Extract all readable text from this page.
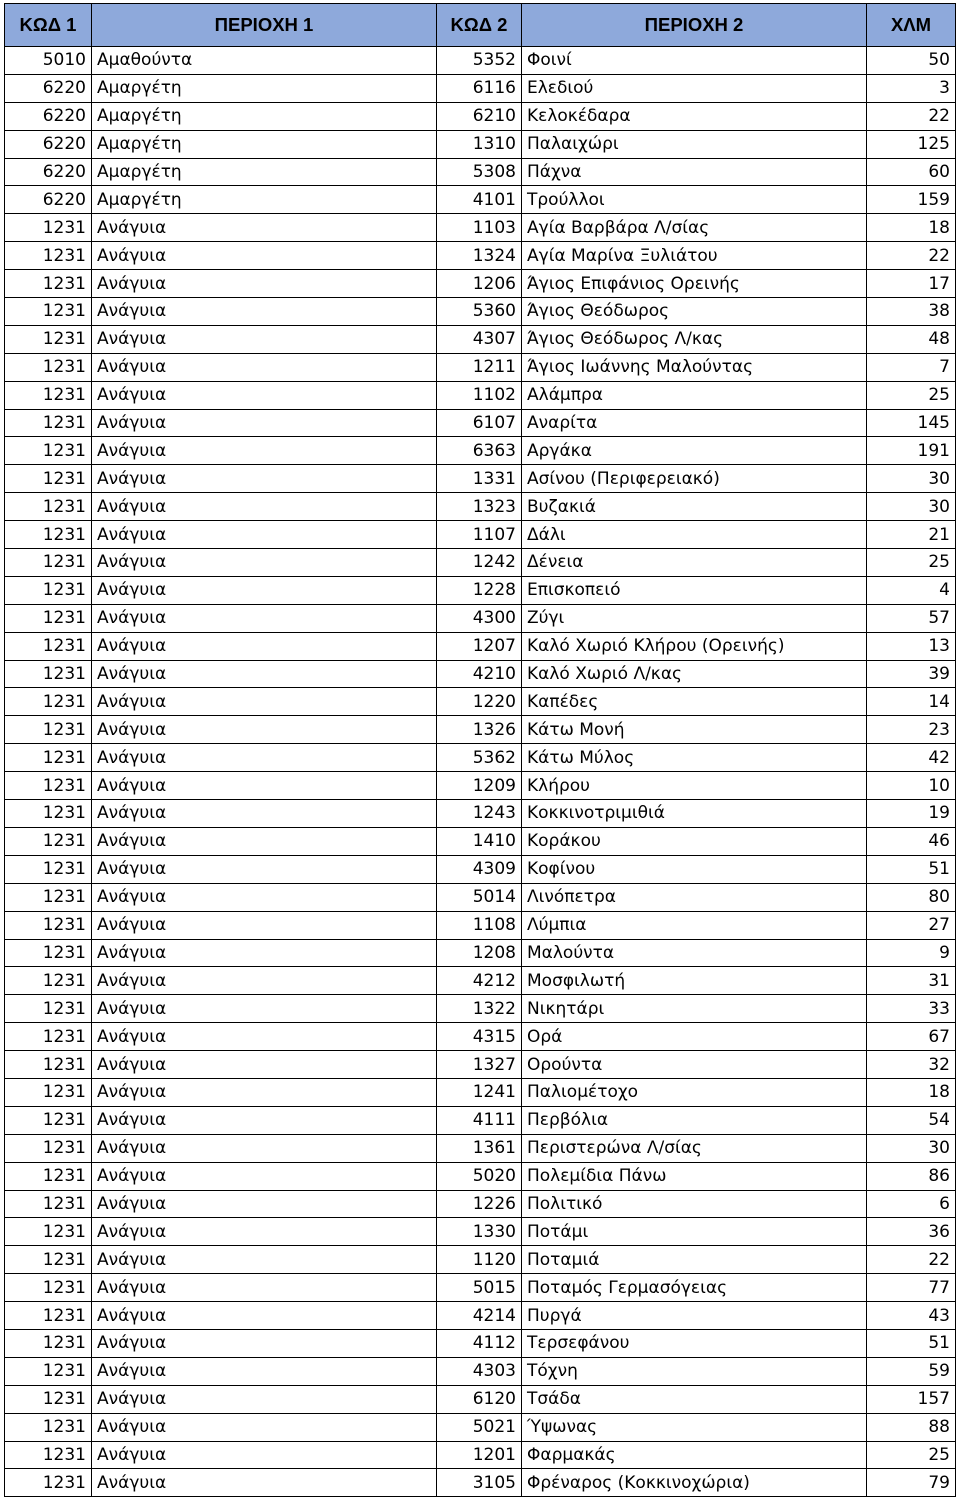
ΚΩΔ 1	ΠΕΡΙΟΧΗ 1	ΚΩΔ 2	ΠΕΡΙΟΧΗ 2	ΧΛΜ
5010	Αμαθούντα	5352	Φοινί	50
6220	Αμαργέτη	6116	Ελεδιού	3
6220	Αμαργέτη	6210	Κελοκέδαρα	22
6220	Αμαργέτη	1310	Παλαιχώρι	125
6220	Αμαργέτη	5308	Πάχνα	60
6220	Αμαργέτη	4101	Τρούλλοι	159
1231	Ανάγυια	1103	Αγία Βαρβάρα Λ/σίας	18
1231	Ανάγυια	1324	Αγία Μαρίνα Ξυλιάτου	22
1231	Ανάγυια	1206	Άγιος Επιφάνιος Ορεινής	17
1231	Ανάγυια	5360	Άγιος Θεόδωρος	38
1231	Ανάγυια	4307	Άγιος Θεόδωρος Λ/κας	48
1231	Ανάγυια	1211	Άγιος Ιωάννης Μαλούντας	7
1231	Ανάγυια	1102	Αλάμπρα	25
1231	Ανάγυια	6107	Αναρίτα	145
1231	Ανάγυια	6363	Αργάκα	191
1231	Ανάγυια	1331	Ασίνου (Περιφερειακό)	30
1231	Ανάγυια	1323	Βυζακιά	30
1231	Ανάγυια	1107	Δάλι	21
1231	Ανάγυια	1242	Δένεια	25
1231	Ανάγυια	1228	Επισκοπειό	4
1231	Ανάγυια	4300	Ζύγι	57
1231	Ανάγυια	1207	Καλό Χωριό Κλήρου (Ορεινής)	13
1231	Ανάγυια	4210	Καλό Χωριό Λ/κας	39
1231	Ανάγυια	1220	Καπέδες	14
1231	Ανάγυια	1326	Κάτω Μονή	23
1231	Ανάγυια	5362	Κάτω Μύλος	42
1231	Ανάγυια	1209	Κλήρου	10
1231	Ανάγυια	1243	Κοκκινοτριμιθιά	19
1231	Ανάγυια	1410	Κοράκου	46
1231	Ανάγυια	4309	Κοφίνου	51
1231	Ανάγυια	5014	Λινόπετρα	80
1231	Ανάγυια	1108	Λύμπια	27
1231	Ανάγυια	1208	Μαλούντα	9
1231	Ανάγυια	4212	Μοσφιλωτή	31
1231	Ανάγυια	1322	Νικητάρι	33
1231	Ανάγυια	4315	Ορά	67
1231	Ανάγυια	1327	Ορούντα	32
1231	Ανάγυια	1241	Παλιομέτοχο	18
1231	Ανάγυια	4111	Περβόλια	54
1231	Ανάγυια	1361	Περιστερώνα Λ/σίας	30
1231	Ανάγυια	5020	Πολεμίδια Πάνω	86
1231	Ανάγυια	1226	Πολιτικό	6
1231	Ανάγυια	1330	Ποτάμι	36
1231	Ανάγυια	1120	Ποταμιά	22
1231	Ανάγυια	5015	Ποταμός Γερμασόγειας	77
1231	Ανάγυια	4214	Πυργά	43
1231	Ανάγυια	4112	Τερσεφάνου	51
1231	Ανάγυια	4303	Τόχνη	59
1231	Ανάγυια	6120	Τσάδα	157
1231	Ανάγυια	5021	Ύψωνας	88
1231	Ανάγυια	1201	Φαρμακάς	25
1231	Ανάγυια	3105	Φρέναρος (Κοκκινοχώρια)	79
